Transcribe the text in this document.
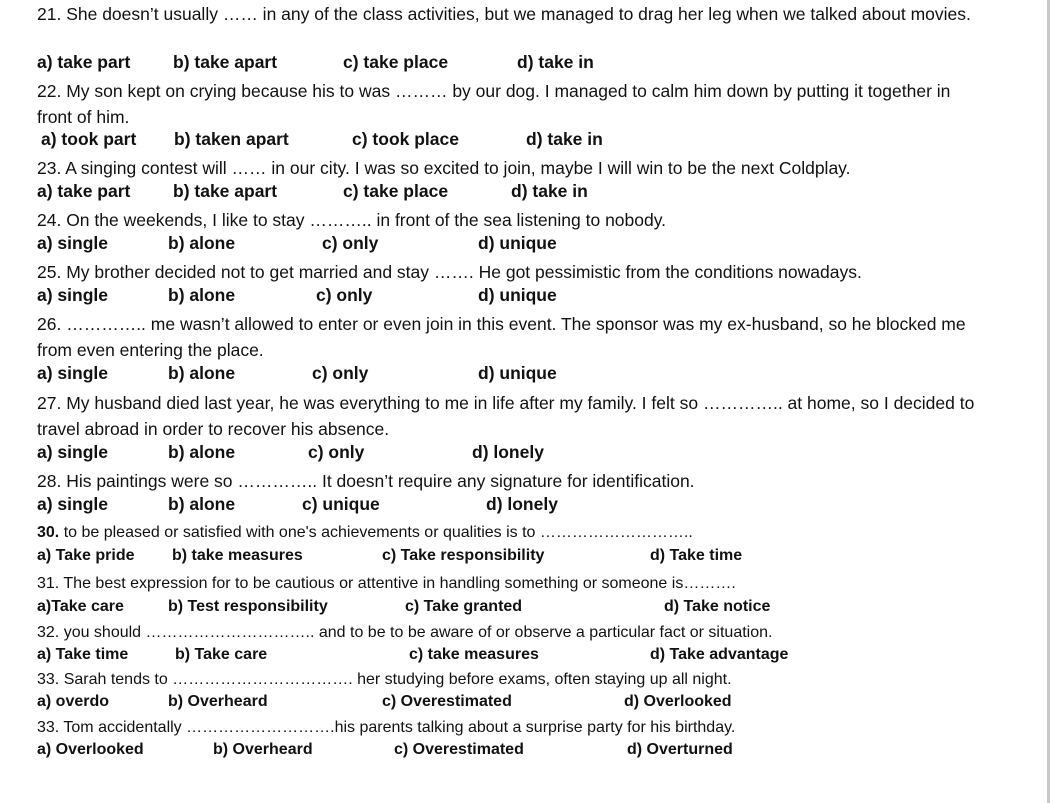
21. She doesn’t usually …… in any of the class activities, but we managed to drag her leg when we talked about movies.
a) take part b) take apart	c) take place	d) take in
22. My son kept on crying because his to was ……… by our dog. I managed to calm him down by putting it together in front of him.
a) took part b) taken apart	c) took place	d) take in
23. A singing contest will …… in our city. I was so excited to join, maybe I will win to be the next Coldplay.
a) take part b) take apart	c) take place	d) take in
24. On the weekends, I like to stay ……….. in front of the sea listening to nobody.
a) single	b) alone	c) only	d) unique
25. My brother decided not to get married and stay ……. He got pessimistic from the conditions nowadays.
a) single	b) alone	c) only	d) unique
26. ………….. me wasn’t allowed to enter or even join in this event. The sponsor was my ex-husband, so he blocked me from even entering the place.
a) single	b) alone	c) only	d) unique
27. My husband died last year, he was everything to me in life after my family. I felt so ………….. at home, so I decided to travel abroad in order to recover his absence.
a) single	b) alone	c) only	d) lonely
28. His paintings were so ………….. It doesn’t require any signature for identification.
a) single	b) alone	c) unique	d) lonely
30. to be pleased or satisfied with one's achievements or qualities is to ………………………..
a) Take pride b) take measures	c) Take responsibility	d) Take time
31. The best expression for to be cautious or attentive in handling something or someone is……….
a)Take care	b) Test responsibility	c) Take granted	d) Take notice
32. you should ………………………….. and to be to be aware of or observe a particular fact or situation.
a) Take time	b) Take care	c) take measures	d) Take advantage
33. Sarah tends to ……………………………. her studying before exams, often staying up all night.
a) overdo	b) Overheard	c) Overestimated	d) Overlooked
33. Tom accidentally ……………………….his parents talking about a surprise party for his birthday.
a) Overlooked	b) Overheard	c) Overestimated	d) Overturned
